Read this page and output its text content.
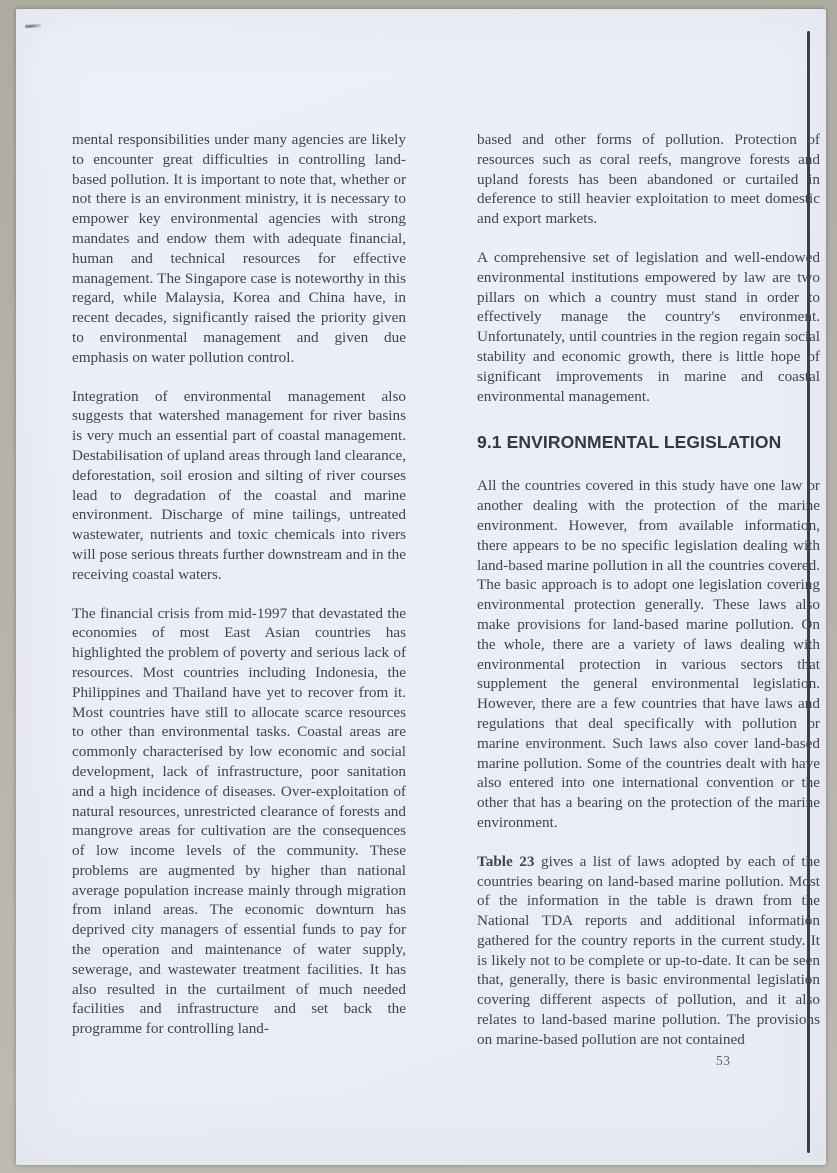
mental responsibilities under many agencies are likely to encounter great difficulties in controlling land-based pollution. It is important to note that, whether or not there is an environment ministry, it is necessary to empower key environmental agencies with strong mandates and endow them with adequate financial, human and technical resources for effective management. The Singapore case is noteworthy in this regard, while Malaysia, Korea and China have, in recent decades, significantly raised the priority given to environmental management and given due emphasis on water pollution control.

Integration of environmental management also suggests that watershed management for river basins is very much an essential part of coastal management. Destabilisation of upland areas through land clearance, deforestation, soil erosion and silting of river courses lead to degradation of the coastal and marine environment. Discharge of mine tailings, untreated wastewater, nutrients and toxic chemicals into rivers will pose serious threats further downstream and in the receiving coastal waters.

The financial crisis from mid-1997 that devastated the economies of most East Asian countries has highlighted the problem of poverty and serious lack of resources. Most countries including Indonesia, the Philippines and Thailand have yet to recover from it. Most countries have still to allocate scarce resources to other than environmental tasks. Coastal areas are commonly characterised by low economic and social development, lack of infrastructure, poor sanitation and a high incidence of diseases. Over-exploitation of natural resources, unrestricted clearance of forests and mangrove areas for cultivation are the consequences of low income levels of the community. These problems are augmented by higher than national average population increase mainly through migration from inland areas. The economic downturn has deprived city managers of essential funds to pay for the operation and maintenance of water supply, sewerage, and wastewater treatment facilities. It has also resulted in the curtailment of much needed facilities and infrastructure and set back the programme for controlling land-

based and other forms of pollution. Protection of resources such as coral reefs, mangrove forests and upland forests has been abandoned or curtailed in deference to still heavier exploitation to meet domestic and export markets.

A comprehensive set of legislation and well-endowed environmental institutions empowered by law are two pillars on which a country must stand in order to effectively manage the country's environment. Unfortunately, until countries in the region regain social stability and economic growth, there is little hope of significant improvements in marine and coastal environmental management.

9.1 ENVIRONMENTAL LEGISLATION

All the countries covered in this study have one law or another dealing with the protection of the marine environment. However, from available information, there appears to be no specific legislation dealing with land-based marine pollution in all the countries covered. The basic approach is to adopt one legislation covering environmental protection generally. These laws also make provisions for land-based marine pollution. On the whole, there are a variety of laws dealing with environmental protection in various sectors that supplement the general environmental legislation. However, there are a few countries that have laws and regulations that deal specifically with pollution or marine environment. Such laws also cover land-based marine pollution. Some of the countries dealt with have also entered into one international convention or the other that has a bearing on the protection of the marine environment.

Table 23 gives a list of laws adopted by each of the countries bearing on land-based marine pollution. Most of the information in the table is drawn from the National TDA reports and additional information gathered for the country reports in the current study. It is likely not to be complete or up-to-date. It can be seen that, generally, there is basic environmental legislation covering different aspects of pollution, and it also relates to land-based marine pollution. The provisions on marine-based pollution are not contained

53
